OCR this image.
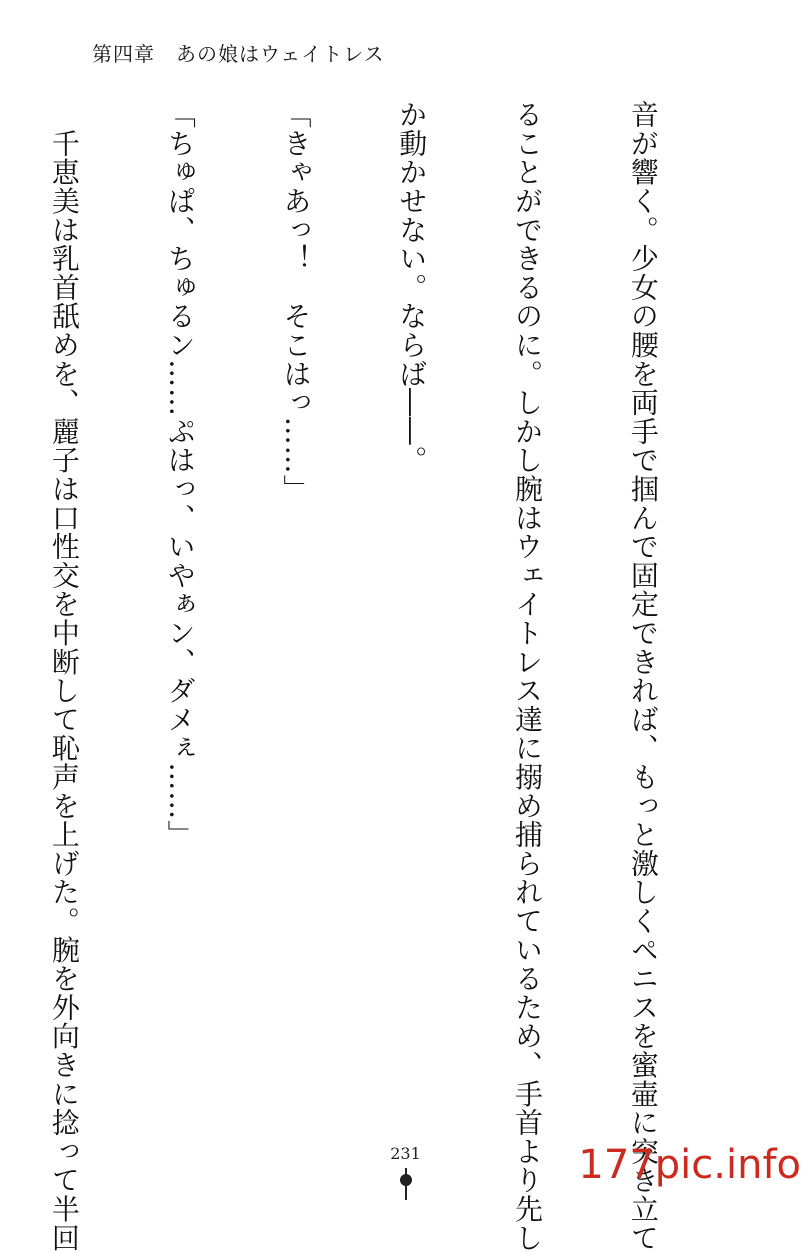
第四章　あの娘はウェイトレス

音が響く。少女の腰を両手で掴んで固定できれば、もっと激しくペニスを蜜壷に突き立て

ることができるのに。しかし腕はウェイトレス達に搦め捕られているため、手首より先し

か動かせない。ならば――。

「きゃあっ！　そこはっ……」

「ちゅぱ、ちゅるン……ぷはっ、いやぁン、ダメぇ……」

　千恵美は乳首舐めを、麗子は口性交を中断して恥声を上げた。腕を外向きに捻って半回

	231	177pic.info
